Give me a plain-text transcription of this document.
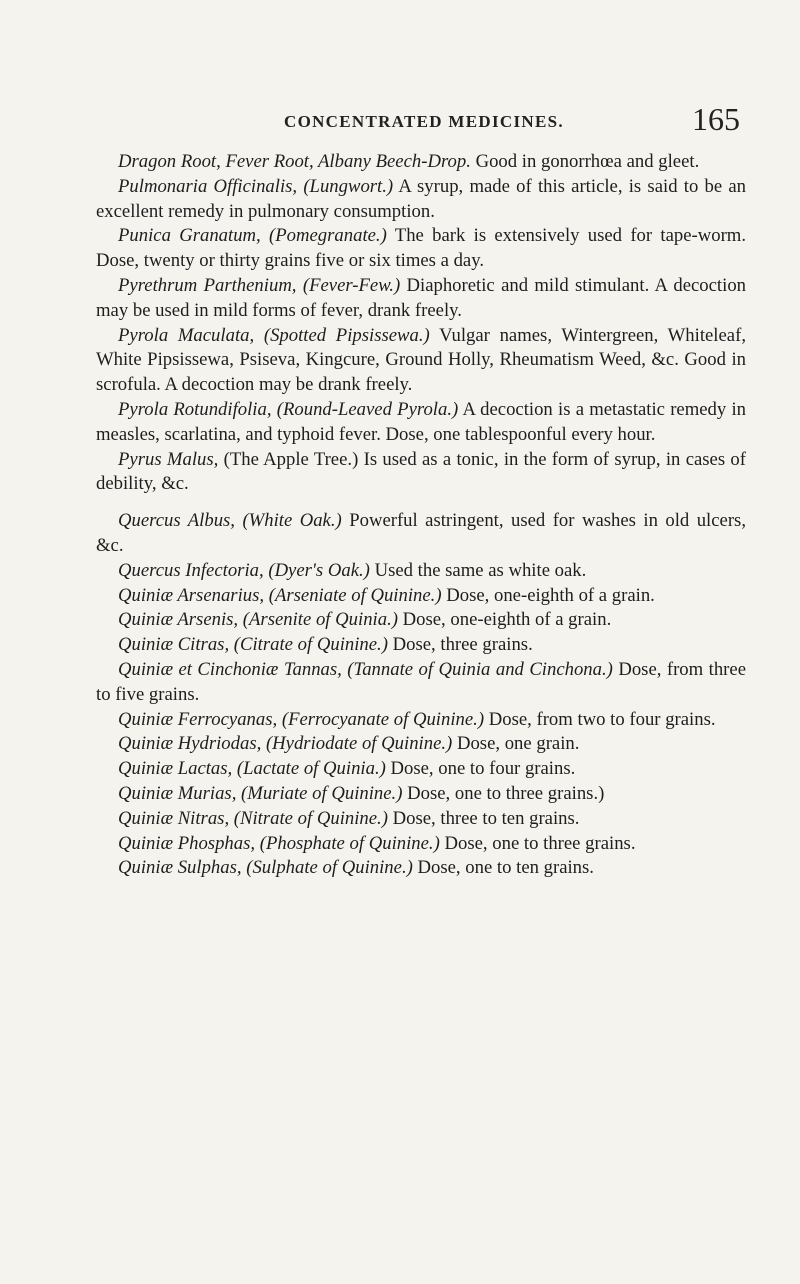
CONCENTRATED MEDICINES.	165

Dragon Root, Fever Root, Albany Beech-Drop. Good in gonorrhœa and gleet.

Pulmonaria Officinalis, (Lungwort.) A syrup, made of this article, is said to be an excellent remedy in pulmonary consumption.

Punica Granatum, (Pomegranate.) The bark is extensively used for tape-worm. Dose, twenty or thirty grains five or six times a day.

Pyrethrum Parthenium, (Fever-Few.) Diaphoretic and mild stimulant. A decoction may be used in mild forms of fever, drank freely.

Pyrola Maculata, (Spotted Pipsissewa.) Vulgar names, Wintergreen, Whiteleaf, White Pipsissewa, Psiseva, Kingcure, Ground Holly, Rheumatism Weed, &c. Good in scrofula. A decoction may be drank freely.

Pyrola Rotundifolia, (Round-Leaved Pyrola.) A decoction is a metastatic remedy in measles, scarlatina, and typhoid fever. Dose, one tablespoonful every hour.

Pyrus Malus, (The Apple Tree.) Is used as a tonic, in the form of syrup, in cases of debility, &c.

Quercus Albus, (White Oak.) Powerful astringent, used for washes in old ulcers, &c.

Quercus Infectoria, (Dyer's Oak.) Used the same as white oak.

Quiniæ Arsenarius, (Arseniate of Quinine.) Dose, one-eighth of a grain.

Quiniæ Arsenis, (Arsenite of Quinia.) Dose, one-eighth of a grain.

Quiniæ Citras, (Citrate of Quinine.) Dose, three grains.

Quiniæ et Cinchoniæ Tannas, (Tannate of Quinia and Cinchona.) Dose, from three to five grains.

Quiniæ Ferrocyanas, (Ferrocyanate of Quinine.) Dose, from two to four grains.

Quiniæ Hydriodas, (Hydriodate of Quinine.) Dose, one grain.

Quiniæ Lactas, (Lactate of Quinia.) Dose, one to four grains.

Quiniæ Murias, (Muriate of Quinine.) Dose, one to three grains.)

Quiniæ Nitras, (Nitrate of Quinine.) Dose, three to ten grains.

Quiniæ Phosphas, (Phosphate of Quinine.) Dose, one to three grains.

Quiniæ Sulphas, (Sulphate of Quinine.) Dose, one to ten grains.
